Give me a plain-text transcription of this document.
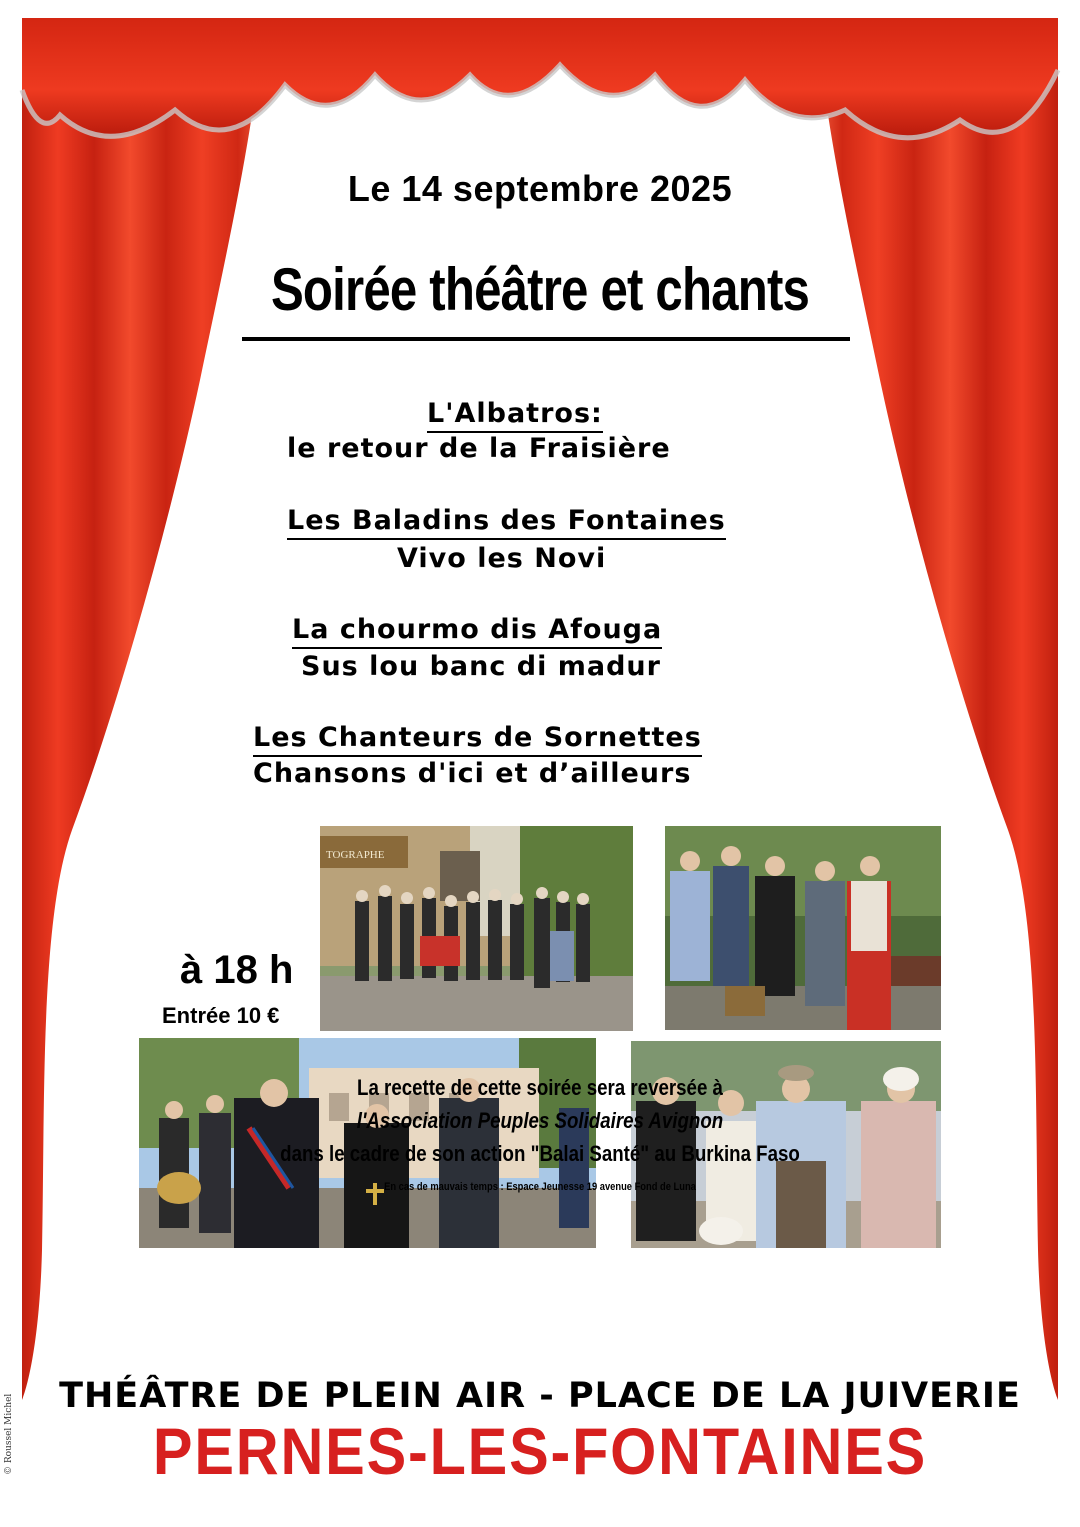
Le 14 septembre 2025
Soirée théâtre et chants
L'Albatros:
le retour de la Fraisière
Les Baladins des Fontaines
Vivo les Novi
La chourmo dis Afouga
Sus lou banc di madur
Les Chanteurs de Sornettes
Chansons d'ici et d’ailleurs
à 18 h
Entrée 10 €
TOGRAPHE
La recette de cette soirée sera reversée à
l'Association Peuples Solidaires Avignon
dans le cadre de son action "Balai Santé" au Burkina Faso
En cas de mauvais temps : Espace Jeunesse 19 avenue Fond de Luna
THÉÂTRE DE PLEIN AIR - PLACE DE LA JUIVERIE
PERNES-LES-FONTAINES
© Roussel Michel
